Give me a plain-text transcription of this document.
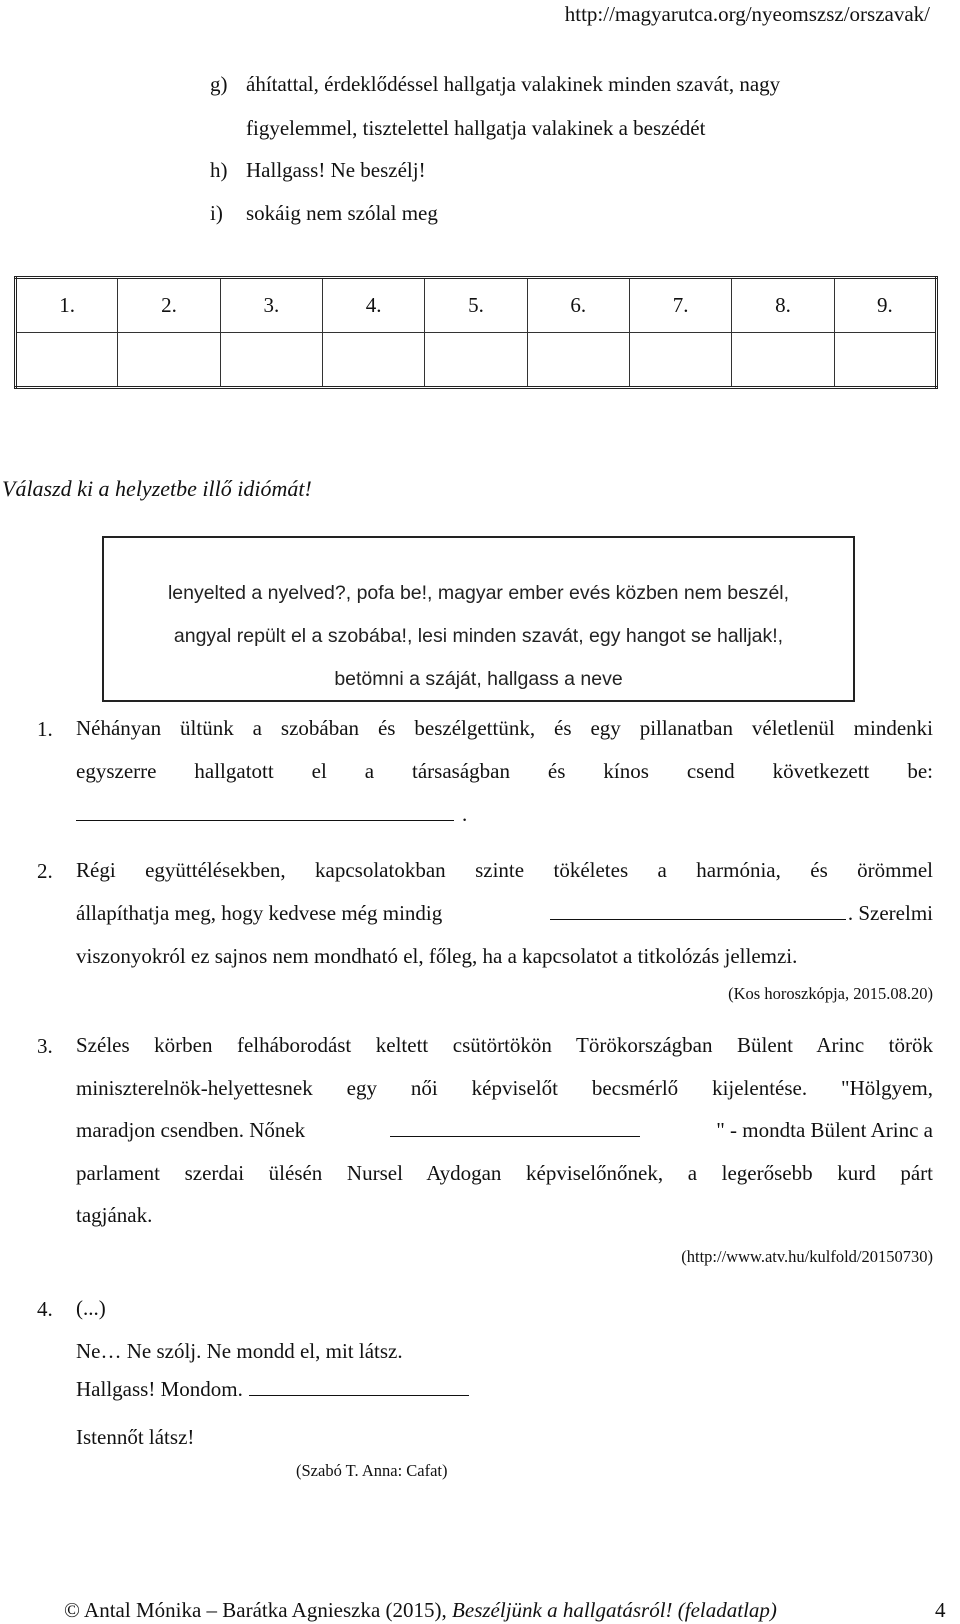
http://magyarutca.org/nyeomszsz/orszavak/
g) áhítattal, érdeklődéssel hallgatja valakinek minden szavát, nagy
figyelemmel, tisztelettel hallgatja valakinek a beszédét
h) Hallgass! Ne beszélj!
i) sokáig nem szólal meg
1.	2.	3.	4.	5.	6.	7.	8.	9.

Válaszd ki a helyzetbe illő idiómát!
lenyelted a nyelved?, pofa be!, magyar ember evés közben nem beszél,
angyal repült el a szobába!, lesi minden szavát, egy hangot se halljak!,
betömni a száját, hallgass a neve
1. Néhányan ültünk a szobában és beszélgettünk, és egy pillanatban véletlenül mindenki
egyszerre hallgatott el a társaságban és kínos csend következett be:
.
2. Régi együttélésekben, kapcsolatokban szinte tökéletes a harmónia, és örömmel
állapíthatja meg, hogy kedvese még mindig	. Szerelmi
viszonyokról ez sajnos nem mondható el, főleg, ha a kapcsolatot a titkolózás jellemzi.
(Kos horoszkópja, 2015.08.20)
3. Széles körben felháborodást keltett csütörtökön Törökországban Bülent Arinc török
miniszterelnök-helyettesnek egy női képviselőt becsmérlő kijelentése. "Hölgyem,
maradjon csendben. Nőnek	" - mondta Bülent Arinc a
parlament szerdai ülésén Nursel Aydogan képviselőnőnek, a legerősebb kurd párt
tagjának.
(http://www.atv.hu/kulfold/20150730)
4. (...)
Ne… Ne szólj. Ne mondd el, mit látsz.
Hallgass! Mondom.
Istennőt látsz!
(Szabó T. Anna: Cafat)
© Antal Mónika – Barátka Agnieszka (2015), Beszéljünk a hallgatásról! (feladatlap)	4
